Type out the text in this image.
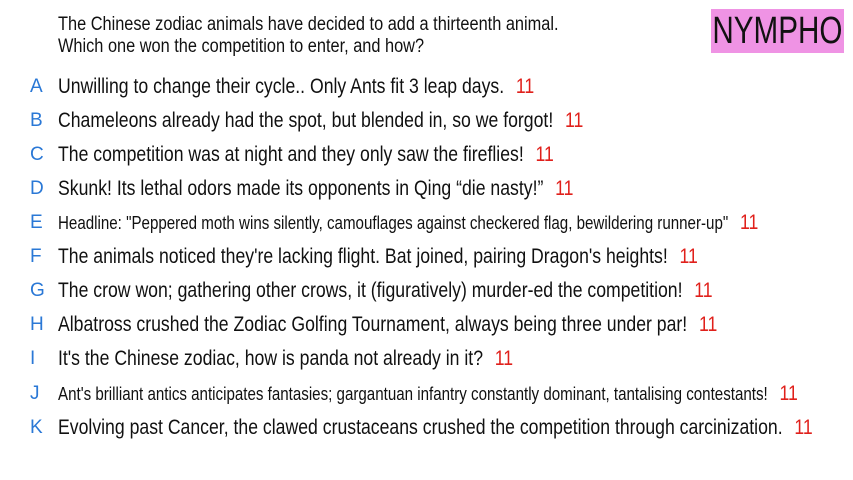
The Chinese zodiac animals have decided to add a thirteenth animal.
Which one won the competition to enter, and how?	NYMPHO
A Unwilling to change their cycle.. Only Ants fit 3 leap days. 11
B Chameleons already had the spot, but blended in, so we forgot! 11
C The competition was at night and they only saw the fireflies! 11
D Skunk! Its lethal odors made its opponents in Qing “die nasty!” 11
E Headline: "Peppered moth wins silently, camouflages against checkered flag, bewildering runner-up" 11
F The animals noticed they're lacking flight. Bat joined, pairing Dragon's heights! 11
G The crow won; gathering other crows, it (figuratively) murder-ed the competition! 11
H Albatross crushed the Zodiac Golfing Tournament, always being three under par! 11
I	It's the Chinese zodiac, how is panda not already in it? 11
J	Ant's brilliant antics anticipates fantasies; gargantuan infantry constantly dominant, tantalising contestants! 11
K Evolving past Cancer, the clawed crustaceans crushed the competition through carcinization. 11
